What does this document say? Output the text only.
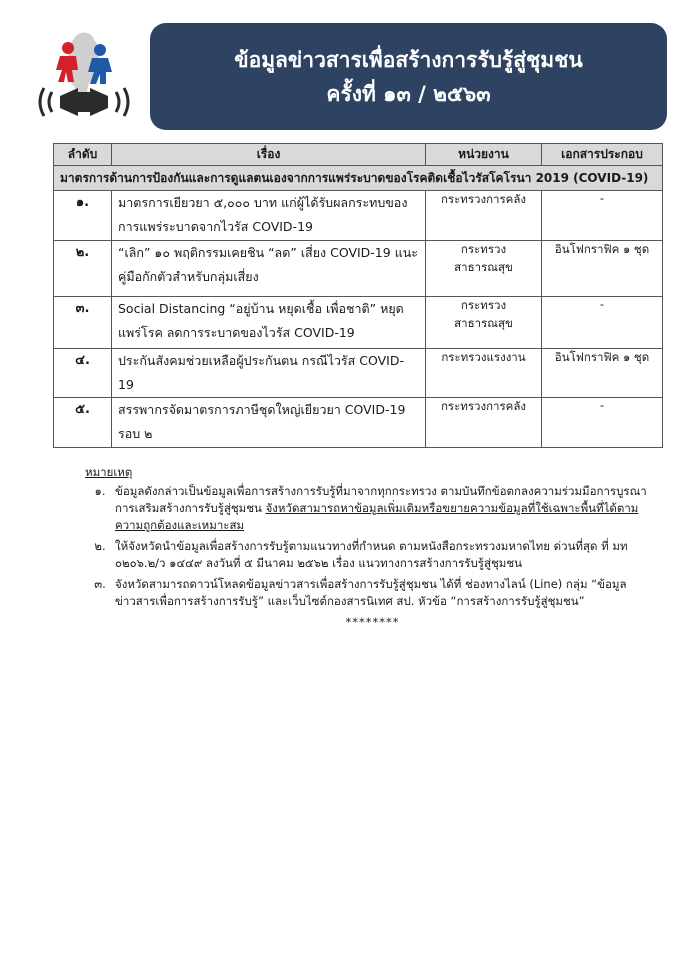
ข้อมูลข่าวสารเพื่อสร้างการรับรู้สู่ชุมชน
ครั้งที่ ๑๓ / ๒๕๖๓
ลำดับ	เรื่อง	หน่วยงาน	เอกสารประกอบ
มาตรการด้านการป้องกันและการดูแลตนเองจากการแพร่ระบาดของโรคติดเชื้อไวรัสโคโรนา 2019 (COVID-19)			
๑.	มาตรการเยียวยา ๕,๐๐๐ บาท แก่ผู้ได้รับผลกระทบของการแพร่ระบาดจากไวรัส COVID-19	กระทรวงการคลัง	-
๒.	“เลิก” ๑๐ พฤติกรรมเคยชิน “ลด” เสี่ยง COVID-19 แนะคู่มือกักตัวสำหรับกลุ่มเสี่ยง	กระทรวงสาธารณสุข	อินโฟกราฟิค ๑ ชุด
๓.	Social Distancing “อยู่บ้าน หยุดเชื้อ เพื่อชาติ” หยุดแพร่โรค ลดการระบาดของไวรัส COVID-19	กระทรวงสาธารณสุข	-
๔.	ประกันสังคมช่วยเหลือผู้ประกันตน กรณีไวรัส COVID-19	กระทรวงแรงงาน	อินโฟกราฟิค ๑ ชุด
๕.	สรรพากรจัดมาตรการภาษีชุดใหญ่เยียวยา COVID-19 รอบ ๒	กระทรวงการคลัง	-
หมายเหตุ
๑. ข้อมูลดังกล่าวเป็นข้อมูลเพื่อการสร้างการรับรู้ที่มาจากทุกกระทรวง ตามบันทึกข้อตกลงความร่วมมือการบูรณาการเสริมสร้างการรับรู้สู่ชุมชน จังหวัดสามารถหาข้อมูลเพิ่มเติมหรือขยายความข้อมูลที่ใช้เฉพาะพื้นที่ได้ตามความถูกต้องและเหมาะสม
๒. ให้จังหวัดนำข้อมูลเพื่อสร้างการรับรู้ตามแนวทางที่กำหนด ตามหนังสือกระทรวงมหาดไทย ด่วนที่สุด ที่ มท ๐๒๐๖.๒/ว ๑๔๔๙ ลงวันที่ ๕ มีนาคม ๒๕๖๒ เรื่อง แนวทางการสร้างการรับรู้สู่ชุมชน
๓. จังหวัดสามารถดาวน์โหลดข้อมูลข่าวสารเพื่อสร้างการรับรู้สู่ชุมชน ได้ที่ ช่องทางไลน์ (Line) กลุ่ม “ข้อมูลข่าวสารเพื่อการสร้างการรับรู้” และเว็บไซต์กองสารนิเทศ สป. หัวข้อ “การสร้างการรับรู้สู่ชุมชน”
********
